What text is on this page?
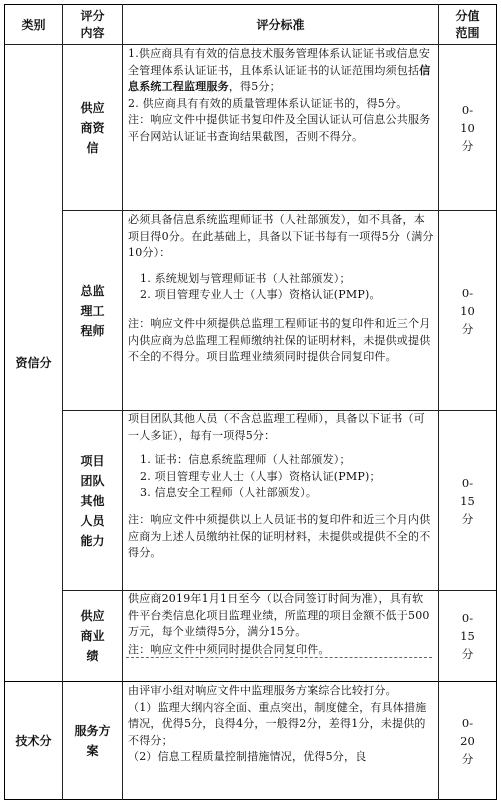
类别
评分内容
评分标准
分值范围
资信分
技术分
供应商资信

1.供应商具有有效的信息技术服务管理体系认证证书或信息安全管理体系认证证书，且体系认证证书的认证范围均须包括信息系统工程监理服务，得5分；

2. 供应商具有有效的质量管理体系认证证书的，得5分。

注：响应文件中提供证书复印件及全国认证认可信息公共服务平台网站认证证书查询结果截图，否则不得分。

0-10分
总监理工程师

必须具备信息系统监理师证书（人社部颁发），如不具备，本项目得0分。在此基础上，具备以下证书每有一项得5分（满分10分）：

1. 系统规划与管理师证书（人社部颁发）；

2. 项目管理专业人士（人事）资格认证(PMP)。

注：响应文件中须提供总监理工程师证书的复印件和近三个月内供应商为总监理工程师缴纳社保的证明材料，未提供或提供不全的不得分。项目监理业绩须同时提供合同复印件。

0-10分
项目团队其他人员能力

项目团队其他人员（不含总监理工程师），具备以下证书（可一人多证），每有一项得5分：

1. 证书：信息系统监理师（人社部颁发）；

2. 项目管理专业人士（人事）资格认证(PMP)；

3. 信息安全工程师（人社部颁发）。

注：响应文件中须提供以上人员证书的复印件和近三个月内供应商为上述人员缴纳社保的证明材料，未提供或提供不全的不得分。

0-15分
供应商业绩

供应商2019年1月1日至今（以合同签订时间为准），具有软件平台类信息化项目监理业绩，所监理的项目金额不低于500万元，每个业绩得5分，满分15分。

注：响应文件中须同时提供合同复印件。

0-15分
服务方案

由评审小组对响应文件中监理服务方案综合比较打分。

（1）监理大纲内容全面、重点突出，制度健全，有具体措施情况，优得5分，良得4分，一般得2分，差得1分，未提供的不得分；

（2）信息工程质量控制措施情况，优得5分，良

0-20分
